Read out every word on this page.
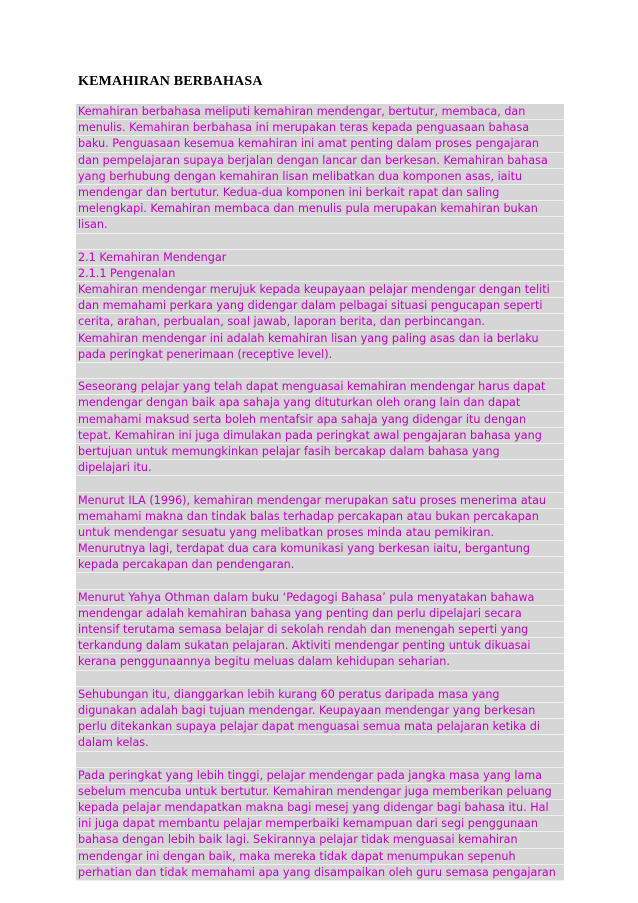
KEMAHIRAN BERBAHASA
Kemahiran berbahasa meliputi kemahiran mendengar, bertutur, membaca, dan
menulis. Kemahiran berbahasa ini merupakan teras kepada penguasaan bahasa
baku. Penguasaan kesemua kemahiran ini amat penting dalam proses pengajaran
dan pempelajaran supaya berjalan dengan lancar dan berkesan. Kemahiran bahasa
yang berhubung dengan kemahiran lisan melibatkan dua komponen asas, iaitu
mendengar dan bertutur. Kedua-dua komponen ini berkait rapat dan saling
melengkapi. Kemahiran membaca dan menulis pula merupakan kemahiran bukan
lisan.

2.1 Kemahiran Mendengar
2.1.1 Pengenalan
Kemahiran mendengar merujuk kepada keupayaan pelajar mendengar dengan teliti
dan memahami perkara yang didengar dalam pelbagai situasi pengucapan seperti
cerita, arahan, perbualan, soal jawab, laporan berita, dan perbincangan.
Kemahiran mendengar ini adalah kemahiran lisan yang paling asas dan ia berlaku
pada peringkat penerimaan (receptive level).

Seseorang pelajar yang telah dapat menguasai kemahiran mendengar harus dapat
mendengar dengan baik apa sahaja yang dituturkan oleh orang lain dan dapat
memahami maksud serta boleh mentafsir apa sahaja yang didengar itu dengan
tepat. Kemahiran ini juga dimulakan pada peringkat awal pengajaran bahasa yang
bertujuan untuk memungkinkan pelajar fasih bercakap dalam bahasa yang
dipelajari itu.

Menurut ILA (1996), kemahiran mendengar merupakan satu proses menerima atau
memahami makna dan tindak balas terhadap percakapan atau bukan percakapan
untuk mendengar sesuatu yang melibatkan proses minda atau pemikiran.
Menurutnya lagi, terdapat dua cara komunikasi yang berkesan iaitu, bergantung
kepada percakapan dan pendengaran.

Menurut Yahya Othman dalam buku ‘Pedagogi Bahasa’ pula menyatakan bahawa
mendengar adalah kemahiran bahasa yang penting dan perlu dipelajari secara
intensif terutama semasa belajar di sekolah rendah dan menengah seperti yang
terkandung dalam sukatan pelajaran. Aktiviti mendengar penting untuk dikuasai
kerana penggunaannya begitu meluas dalam kehidupan seharian.

Sehubungan itu, dianggarkan lebih kurang 60 peratus daripada masa yang
digunakan adalah bagi tujuan mendengar. Keupayaan mendengar yang berkesan
perlu ditekankan supaya pelajar dapat menguasai semua mata pelajaran ketika di
dalam kelas.

Pada peringkat yang lebih tinggi, pelajar mendengar pada jangka masa yang lama
sebelum mencuba untuk bertutur. Kemahiran mendengar juga memberikan peluang
kepada pelajar mendapatkan makna bagi mesej yang didengar bagi bahasa itu. Hal
ini juga dapat membantu pelajar memperbaiki kemampuan dari segi penggunaan
bahasa dengan lebih baik lagi. Sekirannya pelajar tidak menguasai kemahiran
mendengar ini dengan baik, maka mereka tidak dapat menumpukan sepenuh
perhatian dan tidak memahami apa yang disampaikan oleh guru semasa pengajaran
